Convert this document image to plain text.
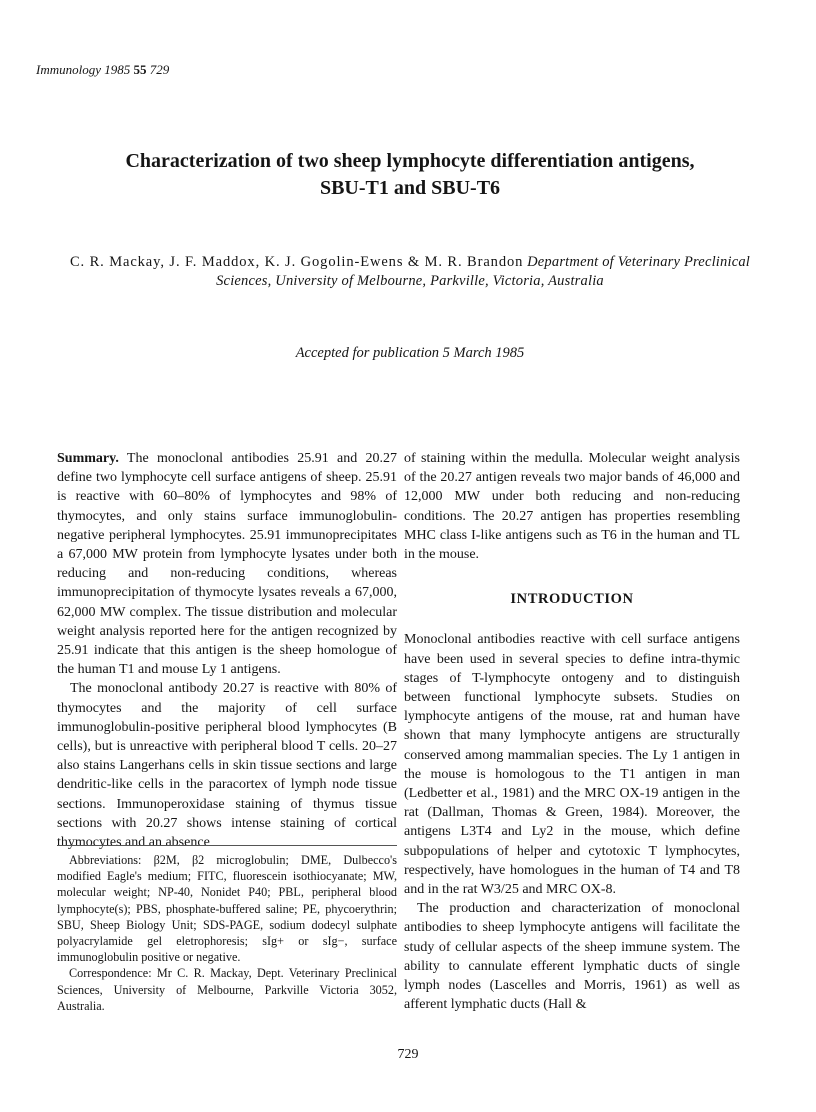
Immunology 1985 55 729
Characterization of two sheep lymphocyte differentiation antigens,
SBU-T1 and SBU-T6
C. R. Mackay, J. F. Maddox, K. J. Gogolin-Ewens & M. R. Brandon Department of Veterinary Preclinical Sciences, University of Melbourne, Parkville, Victoria, Australia
Accepted for publication 5 March 1985

Summary. The monoclonal antibodies 25.91 and 20.27 define two lymphocyte cell surface antigens of sheep. 25.91 is reactive with 60–80% of lymphocytes and 98% of thymocytes, and only stains surface immunoglobulin-negative peripheral lymphocytes. 25.91 immunoprecipitates a 67,000 MW protein from lymphocyte lysates under both reducing and non-reducing conditions, whereas immunoprecipitation of thymocyte lysates reveals a 67,000, 62,000 MW complex. The tissue distribution and molecular weight analysis reported here for the antigen recognized by 25.91 indicate that this antigen is the sheep homologue of the human T1 and mouse Ly 1 antigens.

The monoclonal antibody 20.27 is reactive with 80% of thymocytes and the majority of cell surface immunoglobulin-positive peripheral blood lymphocytes (B cells), but is unreactive with peripheral blood T cells. 20–27 also stains Langerhans cells in skin tissue sections and large dendritic-like cells in the paracortex of lymph node tissue sections. Immunoperoxidase staining of thymus tissue sections with 20.27 shows intense staining of cortical thymocytes and an absence

Abbreviations: β2M, β2 microglobulin; DME, Dulbecco's modified Eagle's medium; FITC, fluorescein isothiocyanate; MW, molecular weight; NP-40, Nonidet P40; PBL, peripheral blood lymphocyte(s); PBS, phosphate-buffered saline; PE, phycoerythrin; SBU, Sheep Biology Unit; SDS-PAGE, sodium dodecyl sulphate polyacrylamide gel eletrophoresis; sIg+ or sIg−, surface immunoglobulin positive or negative.

Correspondence: Mr C. R. Mackay, Dept. Veterinary Preclinical Sciences, University of Melbourne, Parkville Victoria 3052, Australia.

of staining within the medulla. Molecular weight analysis of the 20.27 antigen reveals two major bands of 46,000 and 12,000 MW under both reducing and non-reducing conditions. The 20.27 antigen has properties resembling MHC class I-like antigens such as T6 in the human and TL in the mouse.

INTRODUCTION

Monoclonal antibodies reactive with cell surface antigens have been used in several species to define intra-thymic stages of T-lymphocyte ontogeny and to distinguish between functional lymphocyte subsets. Studies on lymphocyte antigens of the mouse, rat and human have shown that many lymphocyte antigens are structurally conserved among mammalian species. The Ly 1 antigen in the mouse is homologous to the T1 antigen in man (Ledbetter et al., 1981) and the MRC OX-19 antigen in the rat (Dallman, Thomas & Green, 1984). Moreover, the antigens L3T4 and Ly2 in the mouse, which define subpopulations of helper and cytotoxic T lymphocytes, respectively, have homologues in the human of T4 and T8 and in the rat W3/25 and MRC OX-8.

The production and characterization of monoclonal antibodies to sheep lymphocyte antigens will facilitate the study of cellular aspects of the sheep immune system. The ability to cannulate efferent lymphatic ducts of single lymph nodes (Lascelles and Morris, 1961) as well as afferent lymphatic ducts (Hall &

729
